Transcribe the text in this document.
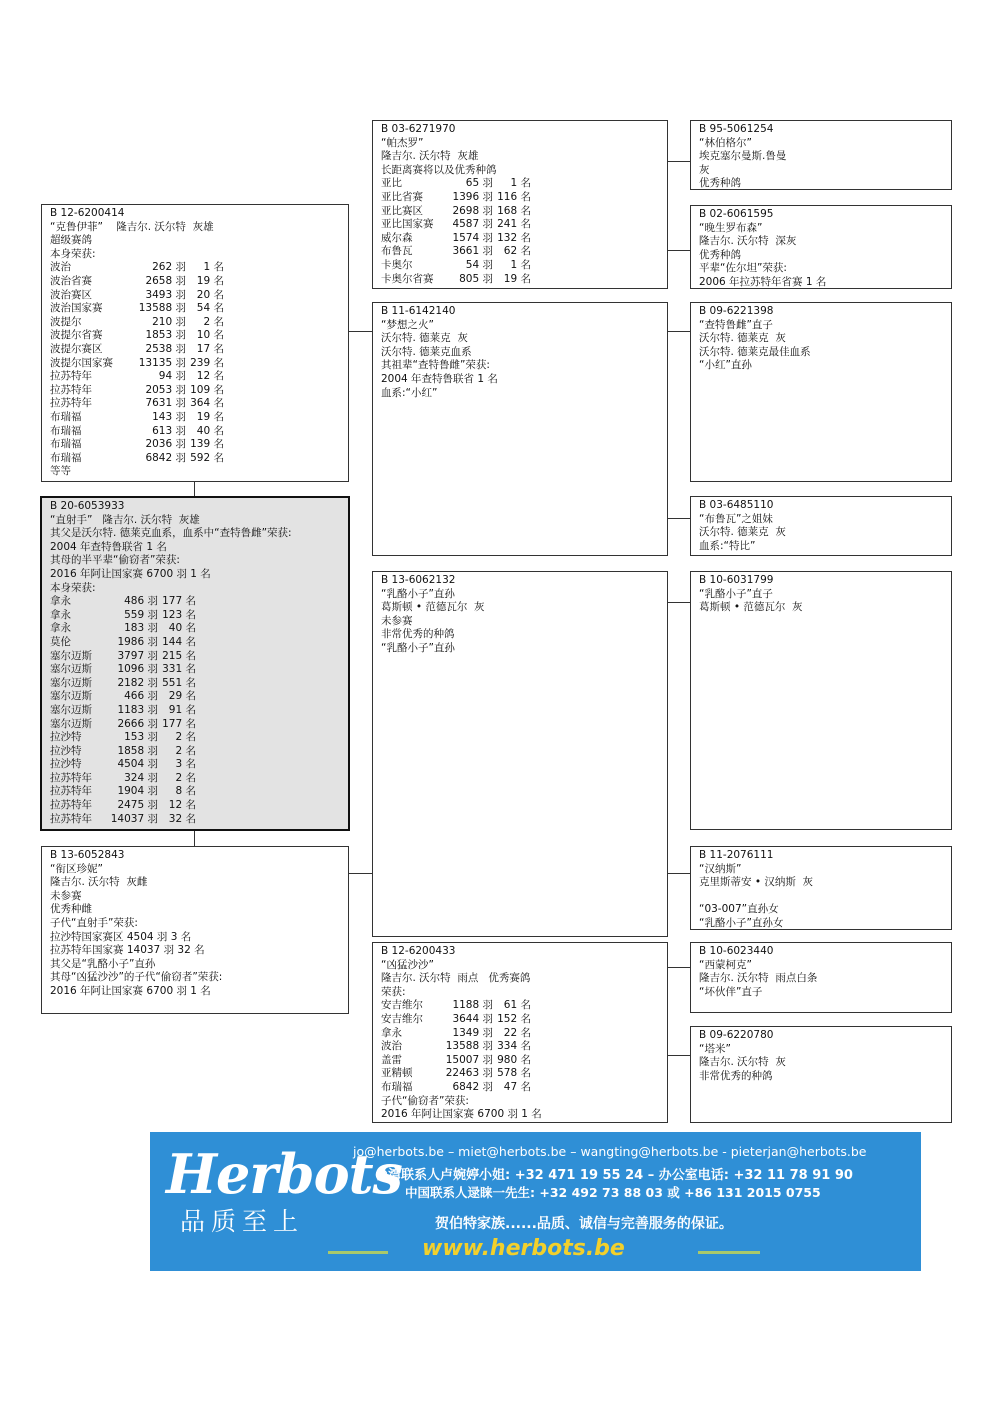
B 12-6200414
“克鲁伊菲”    隆吉尔. 沃尔特  灰雄
超级赛鸽
本身荣获:
波治	262 羽 1 名
波治省赛	2658 羽 19 名
波治赛区	3493 羽 20 名
波治国家赛	13588 羽 54 名
波提尔	210 羽 2 名
波提尔省赛	1853 羽 10 名
波提尔赛区	2538 羽 17 名
波提尔国家赛 13135 羽 239 名
拉苏特年	94 羽 12 名
拉苏特年	2053 羽 109 名
拉苏特年	7631 羽 364 名
布瑞福	143 羽 19 名
布瑞福	613 羽 40 名
布瑞福	2036 羽 139 名
布瑞福	6842 羽 592 名
等等
B 20-6053933
“直射手”   隆吉尔. 沃尔特  灰雄
其父是沃尔特. 德莱克血系，血系中“查特鲁雌”荣获:
2004 年查特鲁联省 1 名
其母的半平辈“偷窃者”荣获:
2016 年阿让国家赛 6700 羽 1 名
本身荣获:
拿永	486 羽 177 名
拿永	559 羽 123 名
拿永	183 羽 40 名
莫伦	1986 羽 144 名
塞尔迈斯 3797 羽 215 名
塞尔迈斯 1096 羽 331 名
塞尔迈斯 2182 羽 551 名
塞尔迈斯	466 羽 29 名
塞尔迈斯 1183 羽 91 名
塞尔迈斯 2666 羽 177 名
拉沙特	153 羽 2 名
拉沙特	1858 羽 2 名
拉沙特	4504 羽 3 名
拉苏特年	324 羽 2 名
拉苏特年 1904 羽 8 名
拉苏特年 2475 羽 12 名
拉苏特年 14037 羽 32 名
B 13-6052843
“衔区珍妮”
隆吉尔. 沃尔特  灰雌
未参赛
优秀种雌
子代“直射手”荣获:
拉沙特国家赛区 4504 羽 3 名
拉苏特年国家赛 14037 羽 32 名
其父是“乳酪小子”直孙
其母“凶猛沙沙”的子代“偷窃者”荣获:
2016 年阿让国家赛 6700 羽 1 名
B 03-6271970
“帕杰罗”
隆吉尔. 沃尔特  灰雄
长距离赛将以及优秀种鸽
亚比	65 羽 1 名
亚比省赛	1396 羽 116 名
亚比赛区	2698 羽 168 名
亚比国家赛 4587 羽 241 名
威尔森	1574 羽 132 名
布鲁瓦	3661 羽 62 名
卡奥尔	54 羽 1 名
卡奥尔省赛 805 羽 19 名
B 11-6142140
“梦想之火”
沃尔特. 德莱克  灰
沃尔特. 德莱克血系
其祖辈“查特鲁雌”荣获:
2004 年查特鲁联省 1 名
血系:“小红”
B 13-6062132
“乳酪小子”直孙
葛斯顿 • 范德瓦尔  灰
未参赛
非常优秀的种鸽
“乳酪小子”直孙
B 12-6200433
“凶猛沙沙”
隆吉尔. 沃尔特  雨点   优秀赛鸽
荣获:
安吉维尔	1188 羽 61 名
安吉维尔	3644 羽 152 名
拿永	1349 羽 22 名
波治	13588 羽 334 名
盖雷	15007 羽 980 名
亚精顿	22463 羽 578 名
布瑞福	6842 羽 47 名
子代“偷窃者”荣获:
2016 年阿让国家赛 6700 羽 1 名
B 95-5061254
“林伯格尔”
埃克塞尔曼斯.鲁曼
灰
优秀种鸽
B 02-6061595
“晚生罗布森”
隆吉尔. 沃尔特  深灰
优秀种鸽
平辈“佐尔坦”荣获:
2006 年拉苏特年省赛 1 名
B 09-6221398
“查特鲁雌”直子
沃尔特. 德莱克  灰
沃尔特. 德莱克最佳血系
“小红”直孙
B 03-6485110
“布鲁瓦”之姐妹
沃尔特. 德莱克  灰
血系:“特比”
B 10-6031799
“乳酪小子”直子
葛斯顿 • 范德瓦尔  灰
B 11-2076111
“汉纳斯”
克里斯蒂安 • 汉纳斯  灰
“03-007”直孙女
“乳酪小子”直孙女
B 10-6023440
“西蒙柯克”
隆吉尔. 沃尔特  雨点白条
“坏伙伴”直子
B 09-6220780
“塔米”
隆吉尔. 沃尔特  灰
非常优秀的种鸽
Herbots
品质至上
jo@herbots.be – miet@herbots.be – wangting@herbots.be - pieterjan@herbots.be
台湾联系人卢婉婷小姐: +32 471 19 55 24 – 办公室电话: +32 11 78 91 90
中国联系人逯睐一先生: +32 492 73 88 03 或 +86 131 2015 0755
贺伯特家族......品质、诚信与完善服务的保证。
www.herbots.be
